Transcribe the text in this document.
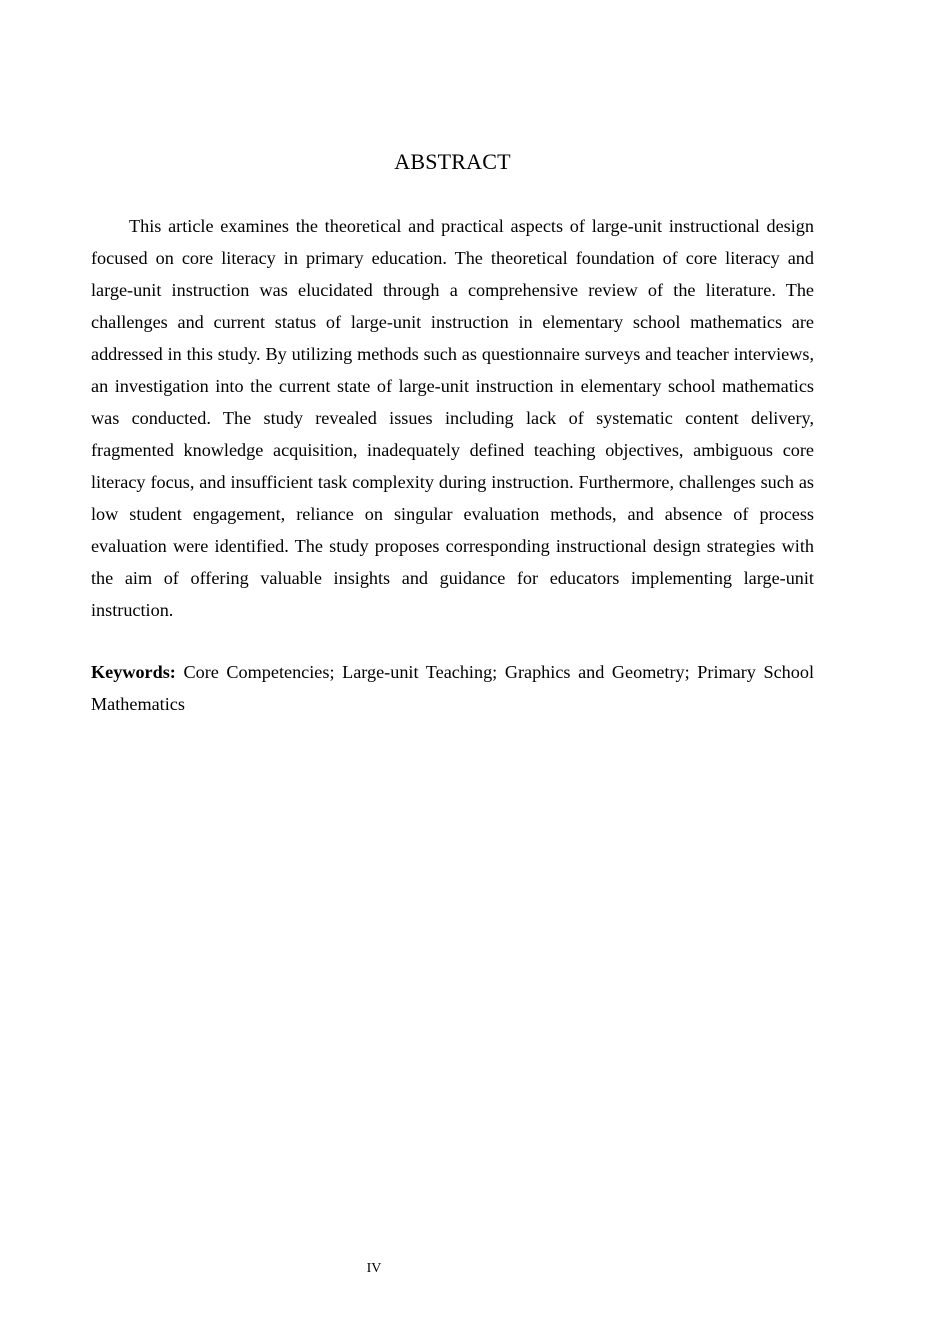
ABSTRACT

This article examines the theoretical and practical aspects of large-unit instructional design focused on core literacy in primary education. The theoretical foundation of core literacy and large-unit instruction was elucidated through a comprehensive review of the literature. The challenges and current status of large-unit instruction in elementary school mathematics are addressed in this study. By utilizing methods such as questionnaire surveys and teacher interviews, an investigation into the current state of large-unit instruction in elementary school mathematics was conducted. The study revealed issues including lack of systematic content delivery, fragmented knowledge acquisition, inadequately defined teaching objectives, ambiguous core literacy focus, and insufficient task complexity during instruction. Furthermore, challenges such as low student engagement, reliance on singular evaluation methods, and absence of process evaluation were identified. The study proposes corresponding instructional design strategies with the aim of offering valuable insights and guidance for educators implementing large-unit instruction.

Keywords: Core Competencies; Large-unit Teaching; Graphics and Geometry; Primary School Mathematics

IV
